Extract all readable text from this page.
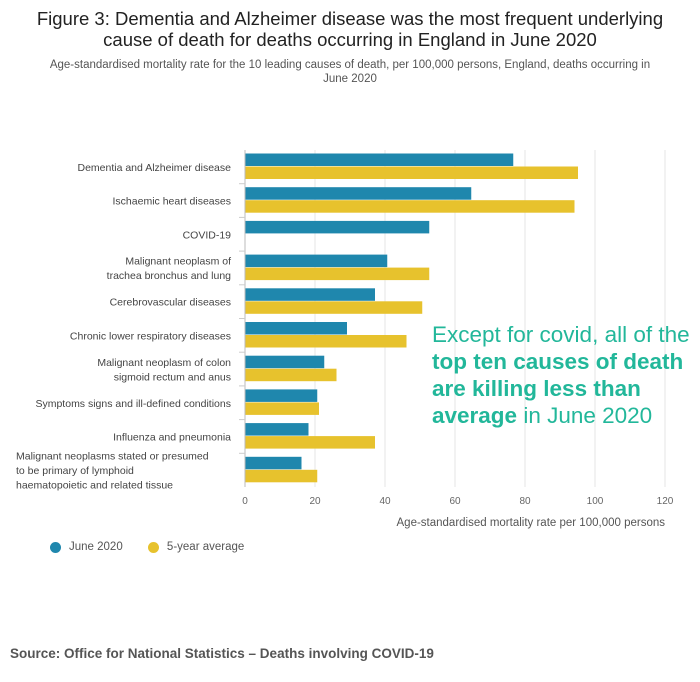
Figure 3: Dementia and Alzheimer disease was the most frequent underlying cause of death for deaths occurring in England in June 2020

Age-standardised mortality rate for the 10 leading causes of death, per 100,000 persons, England, deaths occurring in June 2020

Dementia and Alzheimer disease
Ischaemic heart diseases
COVID-19
Malignant neoplasm of
trachea bronchus and lung
Cerebrovascular diseases
Chronic lower respiratory diseases
Malignant neoplasm of colon
sigmoid rectum and anus
Symptoms signs and ill-defined conditions
Influenza and pneumonia
Malignant neoplasms stated or presumed
to be primary of lymphoid
haematopoietic and related tissue
0	20	40	60	80	100	120
Age-standardised mortality rate per 100,000 persons
Except for covid, all of the top ten causes of death are killing less than average in June 2020
June 2020
	5-year average
Source: Office for National Statistics – Deaths involving COVID-19
